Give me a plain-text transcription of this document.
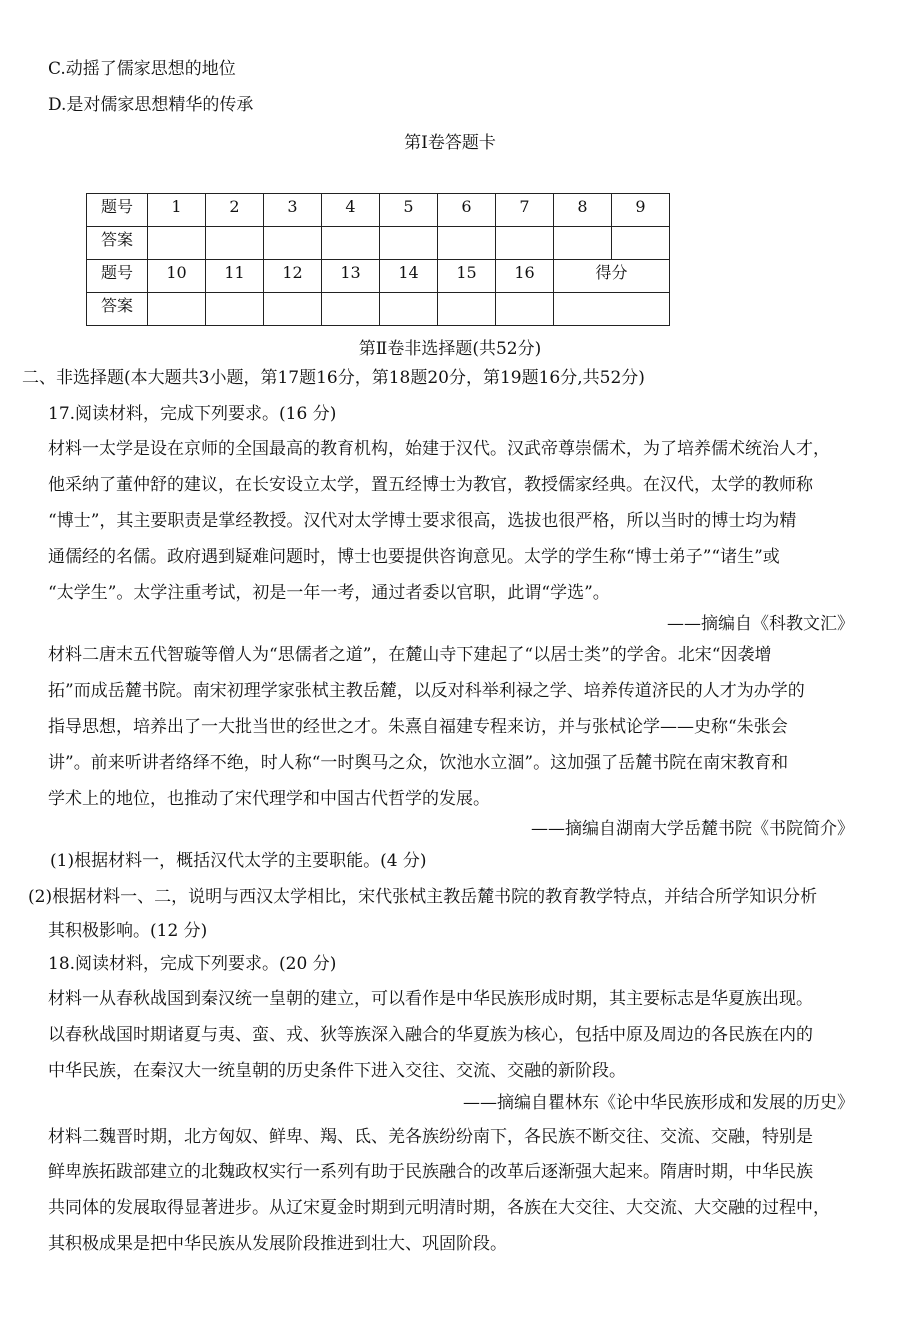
C.动摇了儒家思想的地位
D.是对儒家思想精华的传承
第Ⅰ卷答题卡
题号	1	2	3	4	5	6	7	8	9
答案									
题号	10	11	12	13	14	15	16	得分	
答案									
第Ⅱ卷非选择题(共52分)
二、非选择题(本大题共3小题，第17题16分，第18题20分，第19题16分,共52分)
17.阅读材料，完成下列要求。(16 分)
材料一太学是设在京师的全国最高的教育机构，始建于汉代。汉武帝尊崇儒术，为了培养儒术统治人才，
他采纳了董仲舒的建议，在长安设立太学，置五经博士为教官，教授儒家经典。在汉代，太学的教师称
“博士”，其主要职责是掌经教授。汉代对太学博士要求很高，选拔也很严格，所以当时的博士均为精
通儒经的名儒。政府遇到疑难问题时，博士也要提供咨询意见。太学的学生称“博士弟子”“诸生”或
“太学生”。太学注重考试，初是一年一考，通过者委以官职，此谓“学选”。
——摘编自《科教文汇》
材料二唐末五代智璇等僧人为“思儒者之道”，在麓山寺下建起了“以居士类”的学舍。北宋“因袭增
拓”而成岳麓书院。南宋初理学家张栻主教岳麓，以反对科举利禄之学、培养传道济民的人才为办学的
指导思想，培养出了一大批当世的经世之才。朱熹自福建专程来访，并与张栻论学——史称“朱张会
讲”。前来听讲者络绎不绝，时人称“一时舆马之众，饮池水立涸”。这加强了岳麓书院在南宋教育和
学术上的地位，也推动了宋代理学和中国古代哲学的发展。
——摘编自湖南大学岳麓书院《书院简介》
(1)根据材料一，概括汉代太学的主要职能。(4 分)
(2)根据材料一、二，说明与西汉太学相比，宋代张栻主教岳麓书院的教育教学特点，并结合所学知识分析
其积极影响。(12 分)
18.阅读材料，完成下列要求。(20 分)
材料一从春秋战国到秦汉统一皇朝的建立，可以看作是中华民族形成时期，其主要标志是华夏族出现。
以春秋战国时期诸夏与夷、蛮、戎、狄等族深入融合的华夏族为核心，包括中原及周边的各民族在内的
中华民族，在秦汉大一统皇朝的历史条件下进入交往、交流、交融的新阶段。
——摘编自瞿林东《论中华民族形成和发展的历史》
材料二魏晋时期，北方匈奴、鲜卑、羯、氐、羌各族纷纷南下，各民族不断交往、交流、交融，特别是
鲜卑族拓跋部建立的北魏政权实行一系列有助于民族融合的改革后逐渐强大起来。隋唐时期，中华民族
共同体的发展取得显著进步。从辽宋夏金时期到元明清时期，各族在大交往、大交流、大交融的过程中，
其积极成果是把中华民族从发展阶段推进到壮大、巩固阶段。
